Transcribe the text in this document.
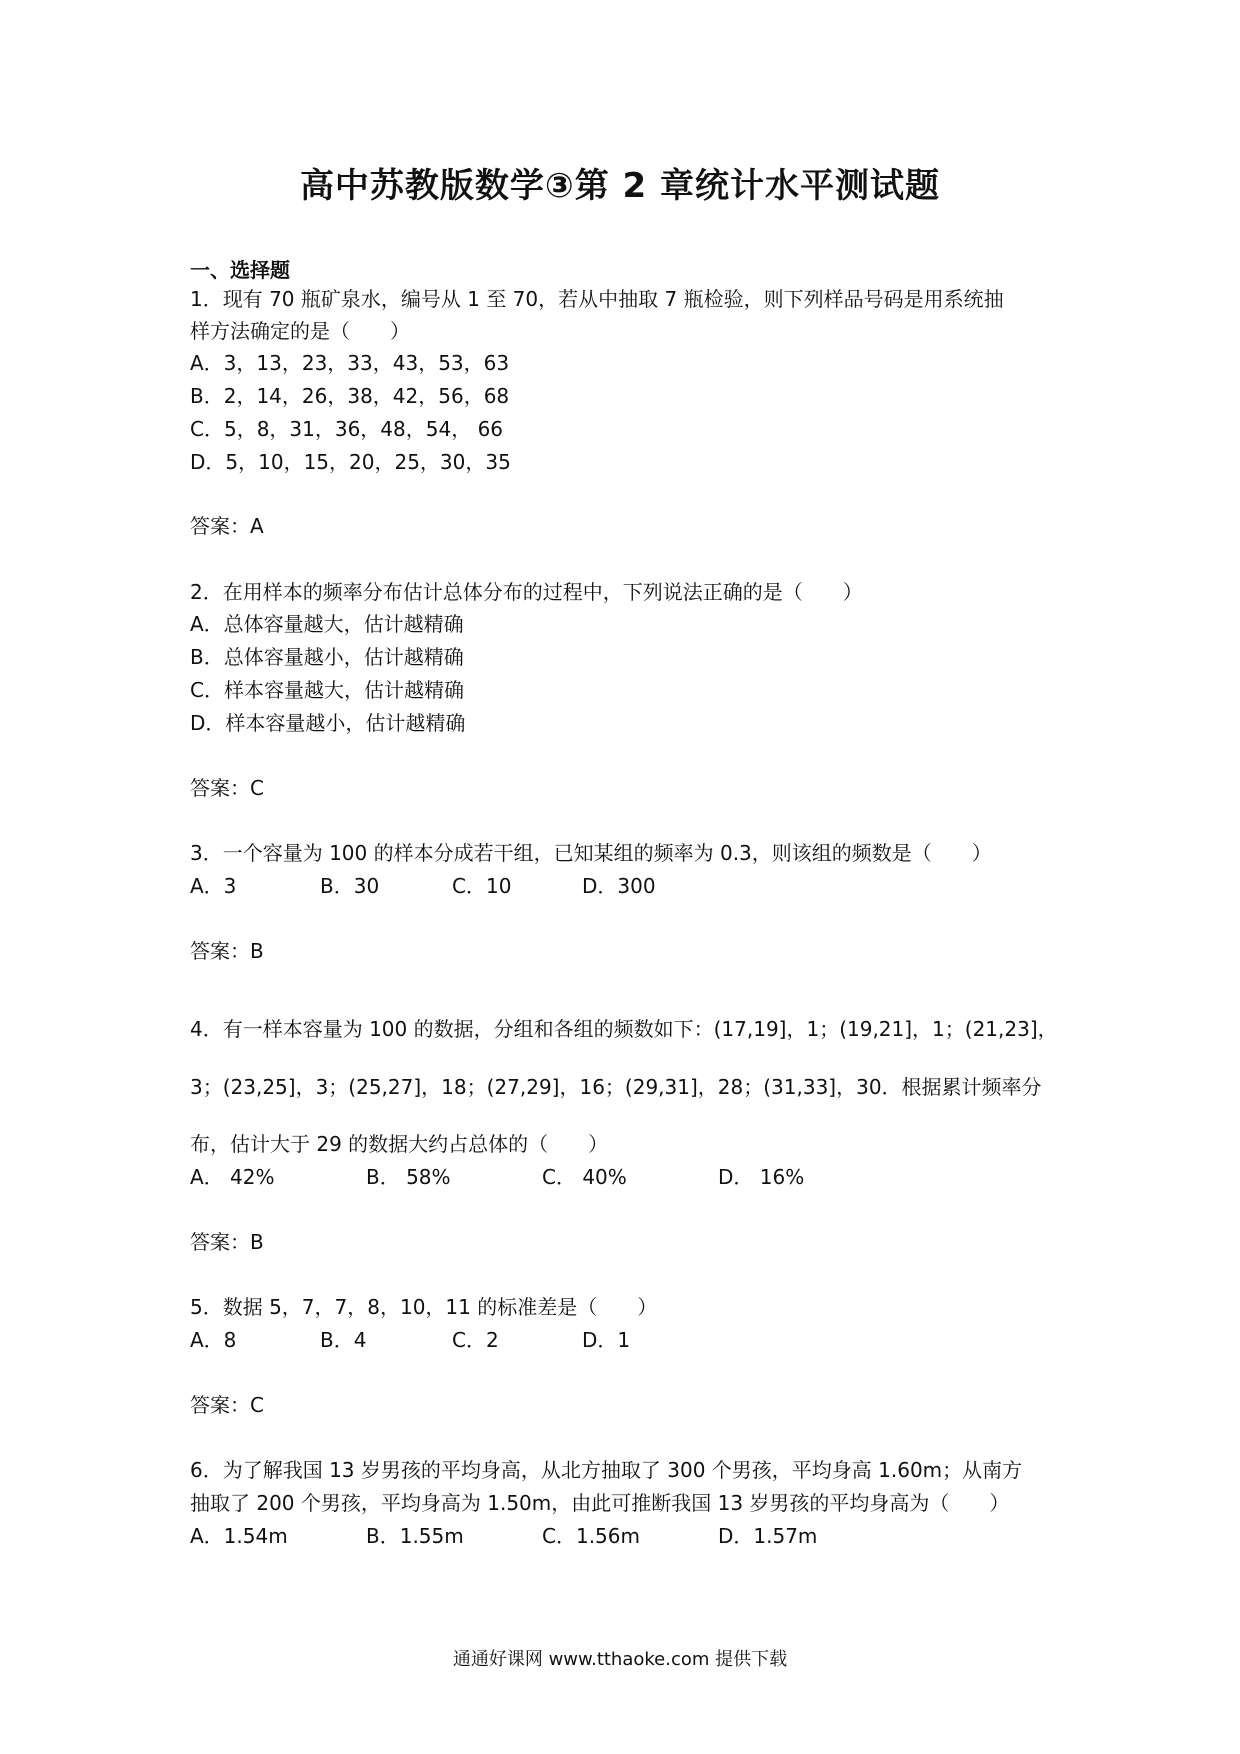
高中苏教版数学③第 2 章统计水平测试题
一、选择题
1．现有 70 瓶矿泉水，编号从 1 至 70，若从中抽取 7 瓶检验，则下列样品号码是用系统抽
样方法确定的是（　　）
A．3，13，23，33，43，53，63
B．2，14，26，38，42，56，68
C．5，8，31，36，48，54， 66
D．5，10，15，20，25，30，35
答案：A
2．在用样本的频率分布估计总体分布的过程中，下列说法正确的是（　　）
A．总体容量越大，估计越精确
B．总体容量越小，估计越精确
C．样本容量越大，估计越精确
D．样本容量越小，估计越精确
答案：C
3．一个容量为 100 的样本分成若干组，已知某组的频率为 0.3，则该组的频数是（　　）
A．3	B．30	C．10	D．300
答案：B
4．有一样本容量为 100 的数据，分组和各组的频数如下：(17,19]，1；(19,21]，1；(21,23]，
3；(23,25]，3；(25,27]，18；(27,29]，16；(29,31]，28；(31,33]，30．根据累计频率分
布，估计大于 29 的数据大约占总体的（　　）
A． 42%	B． 58%	C． 40%	D． 16%
答案：B
5．数据 5，7，7，8，10，11 的标准差是（　　）
A．8	B．4	C．2	D．1
答案：C
6．为了解我国 13 岁男孩的平均身高，从北方抽取了 300 个男孩，平均身高 1.60m；从南方
抽取了 200 个男孩，平均身高为 1.50m，由此可推断我国 13 岁男孩的平均身高为（　　）
A．1.54m	B．1.55m	C．1.56m	D．1.57m
通通好课网 www.tthaoke.com 提供下载
